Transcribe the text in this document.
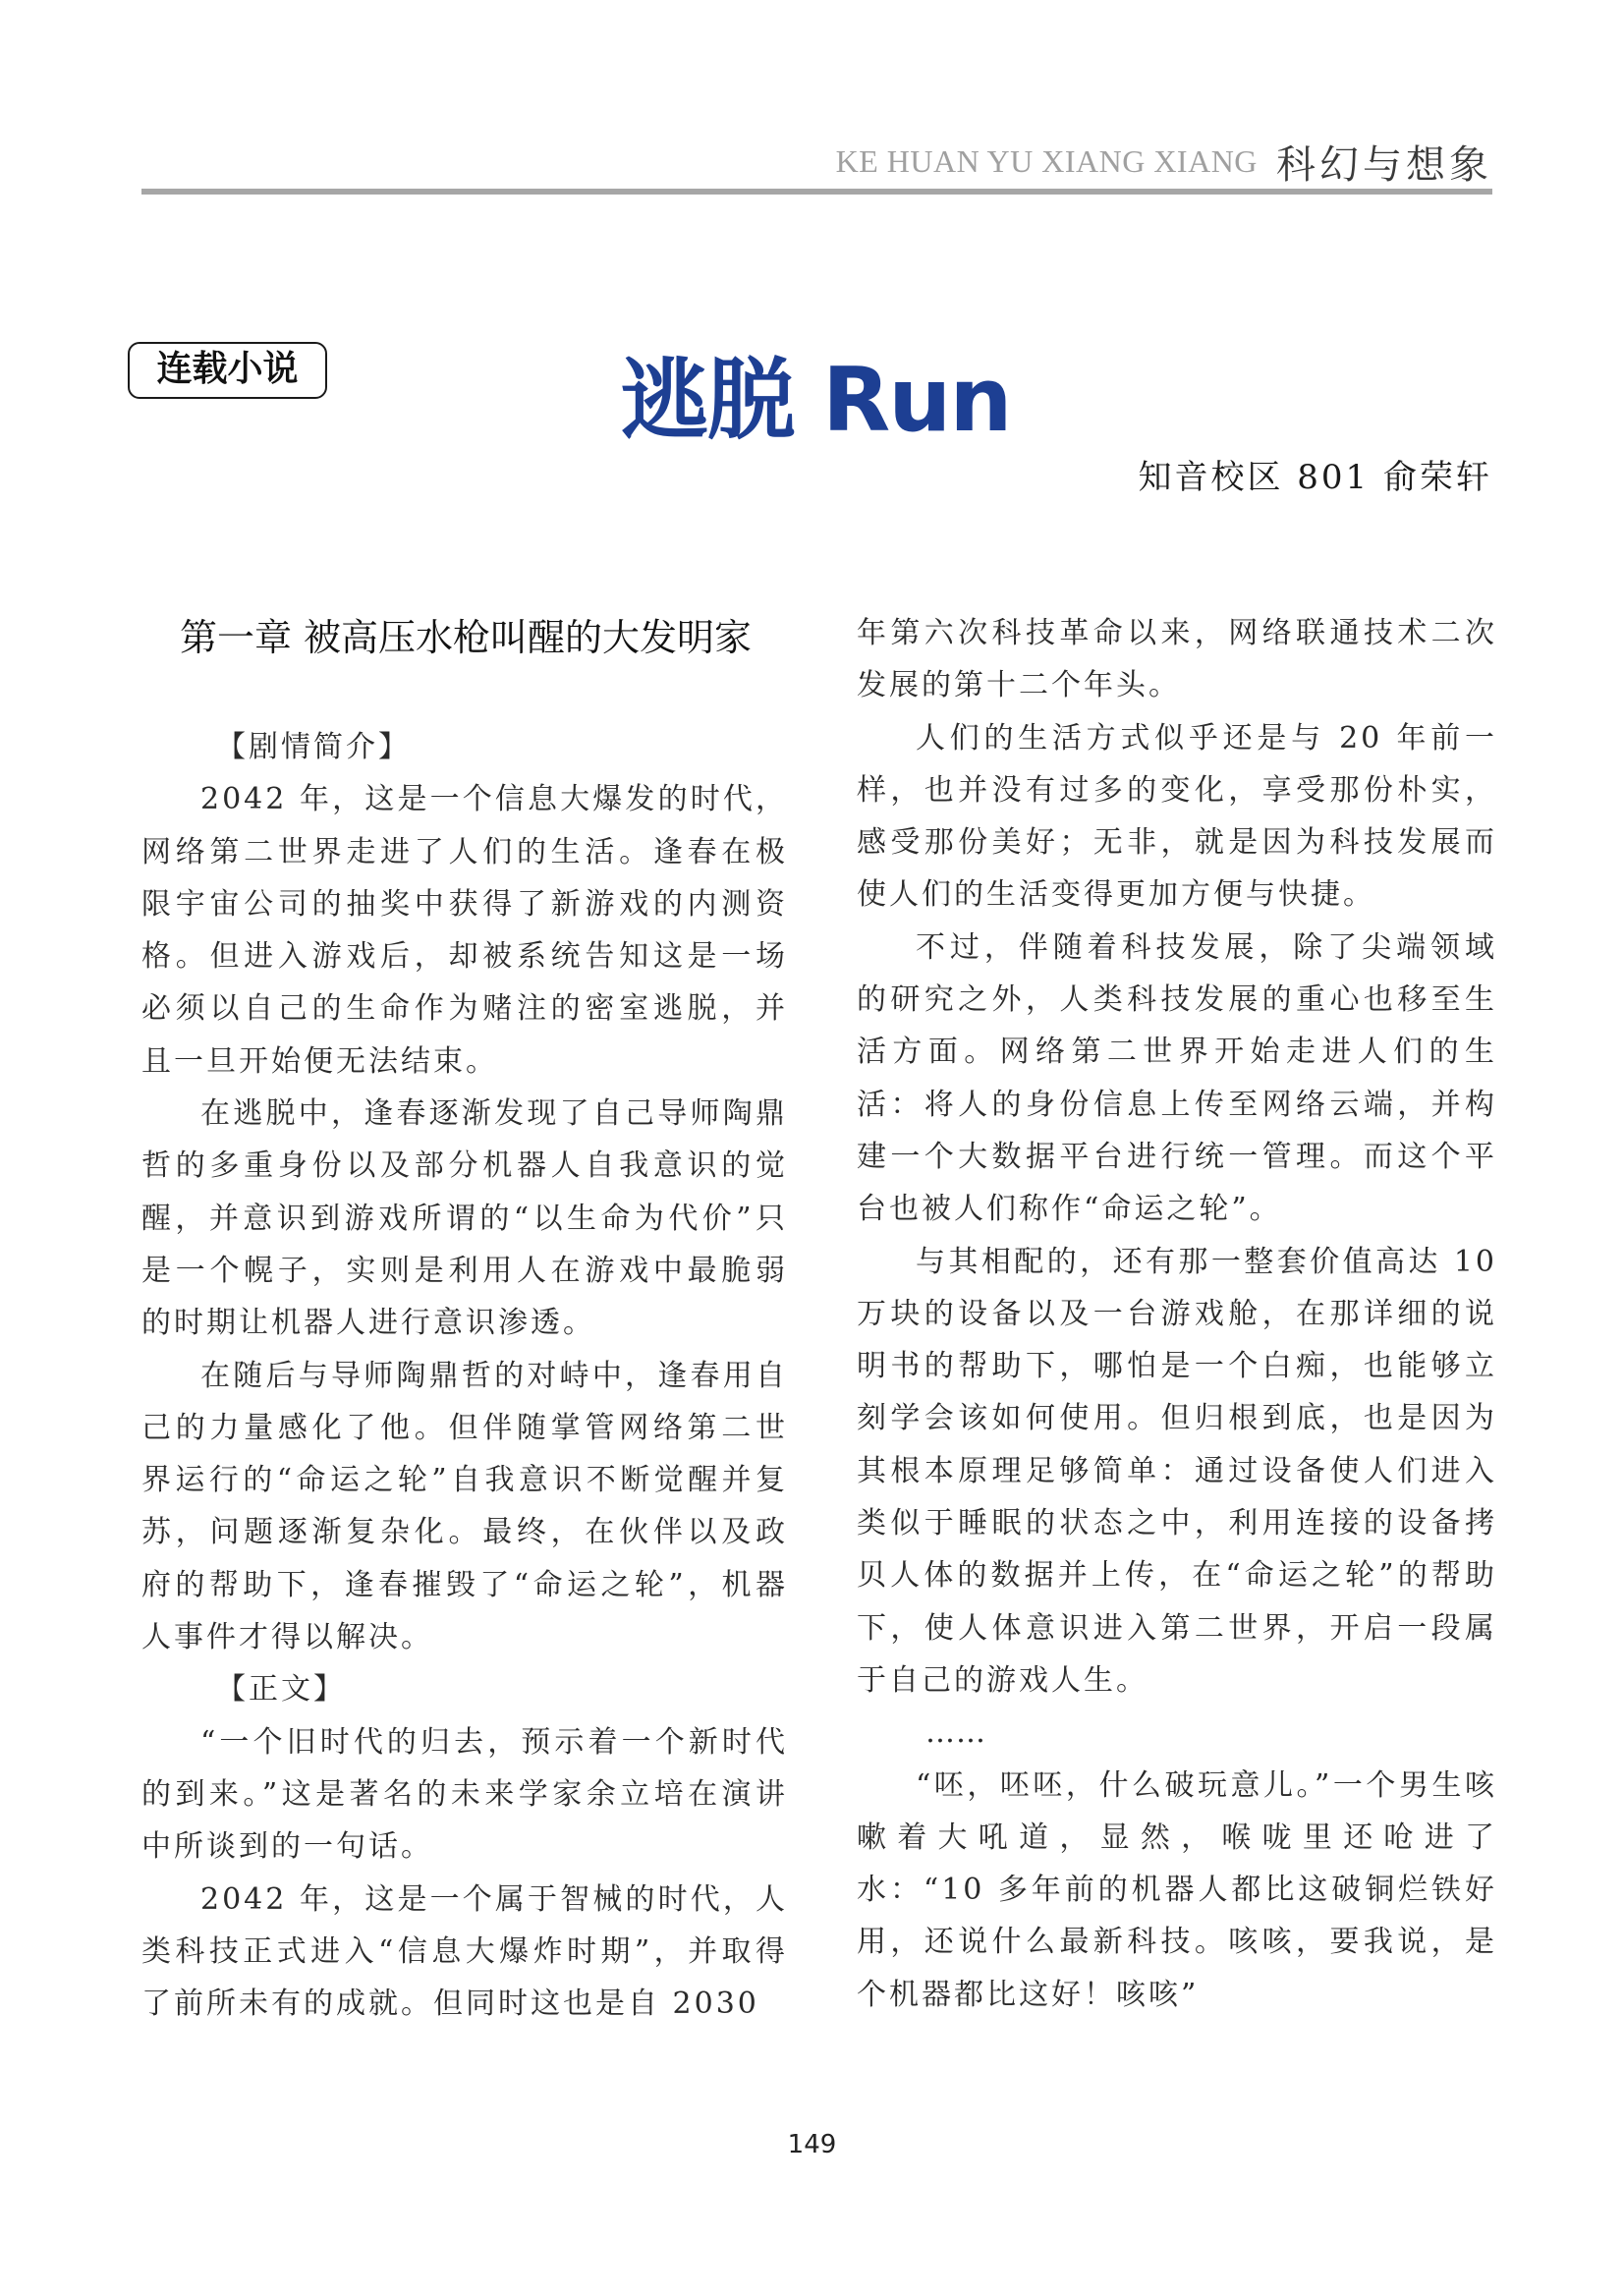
KE HUAN YU XIANG XIANG 科幻与想象
连载小说	逃脱 Run
知音校区 801 俞荣轩
第一章 被高压水枪叫醒的大发明家

【剧情简介】

2042 年，这是一个信息大爆发的时代，网络第二世界走进了人们的生活。逢春在极限宇宙公司的抽奖中获得了新游戏的内测资格。但进入游戏后，却被系统告知这是一场必须以自己的生命作为赌注的密室逃脱，并且一旦开始便无法结束。

在逃脱中，逢春逐渐发现了自己导师陶鼎哲的多重身份以及部分机器人自我意识的觉醒，并意识到游戏所谓的“以生命为代价”只是一个幌子，实则是利用人在游戏中最脆弱的时期让机器人进行意识渗透。

在随后与导师陶鼎哲的对峙中，逢春用自己的力量感化了他。但伴随掌管网络第二世界运行的“命运之轮”自我意识不断觉醒并复苏，问题逐渐复杂化。最终，在伙伴以及政府的帮助下，逢春摧毁了“命运之轮”，机器人事件才得以解决。

【正文】

“一个旧时代的归去，预示着一个新时代的到来。”这是著名的未来学家余立培在演讲中所谈到的一句话。

2042 年，这是一个属于智械的时代，人类科技正式进入“信息大爆炸时期”，并取得了前所未有的成就。但同时这也是自 2030

年第六次科技革命以来，网络联通技术二次发展的第十二个年头。

人们的生活方式似乎还是与 20 年前一样，也并没有过多的变化，享受那份朴实，感受那份美好；无非，就是因为科技发展而使人们的生活变得更加方便与快捷。

不过，伴随着科技发展，除了尖端领域的研究之外，人类科技发展的重心也移至生活方面。网络第二世界开始走进人们的生活：将人的身份信息上传至网络云端，并构建一个大数据平台进行统一管理。而这个平台也被人们称作“命运之轮”。

与其相配的，还有那一整套价值高达 10 万块的设备以及一台游戏舱，在那详细的说明书的帮助下，哪怕是一个白痴，也能够立刻学会该如何使用。但归根到底，也是因为其根本原理足够简单：通过设备使人们进入类似于睡眠的状态之中，利用连接的设备拷贝人体的数据并上传，在“命运之轮”的帮助下，使人体意识进入第二世界，开启一段属于自己的游戏人生。

……

“呸，呸呸，什么破玩意儿。”一个男生咳嗽着大吼道，显然，喉咙里还呛进了水：“10 多年前的机器人都比这破铜烂铁好用，还说什么最新科技。咳咳，要我说，是个机器都比这好！咳咳”

149
